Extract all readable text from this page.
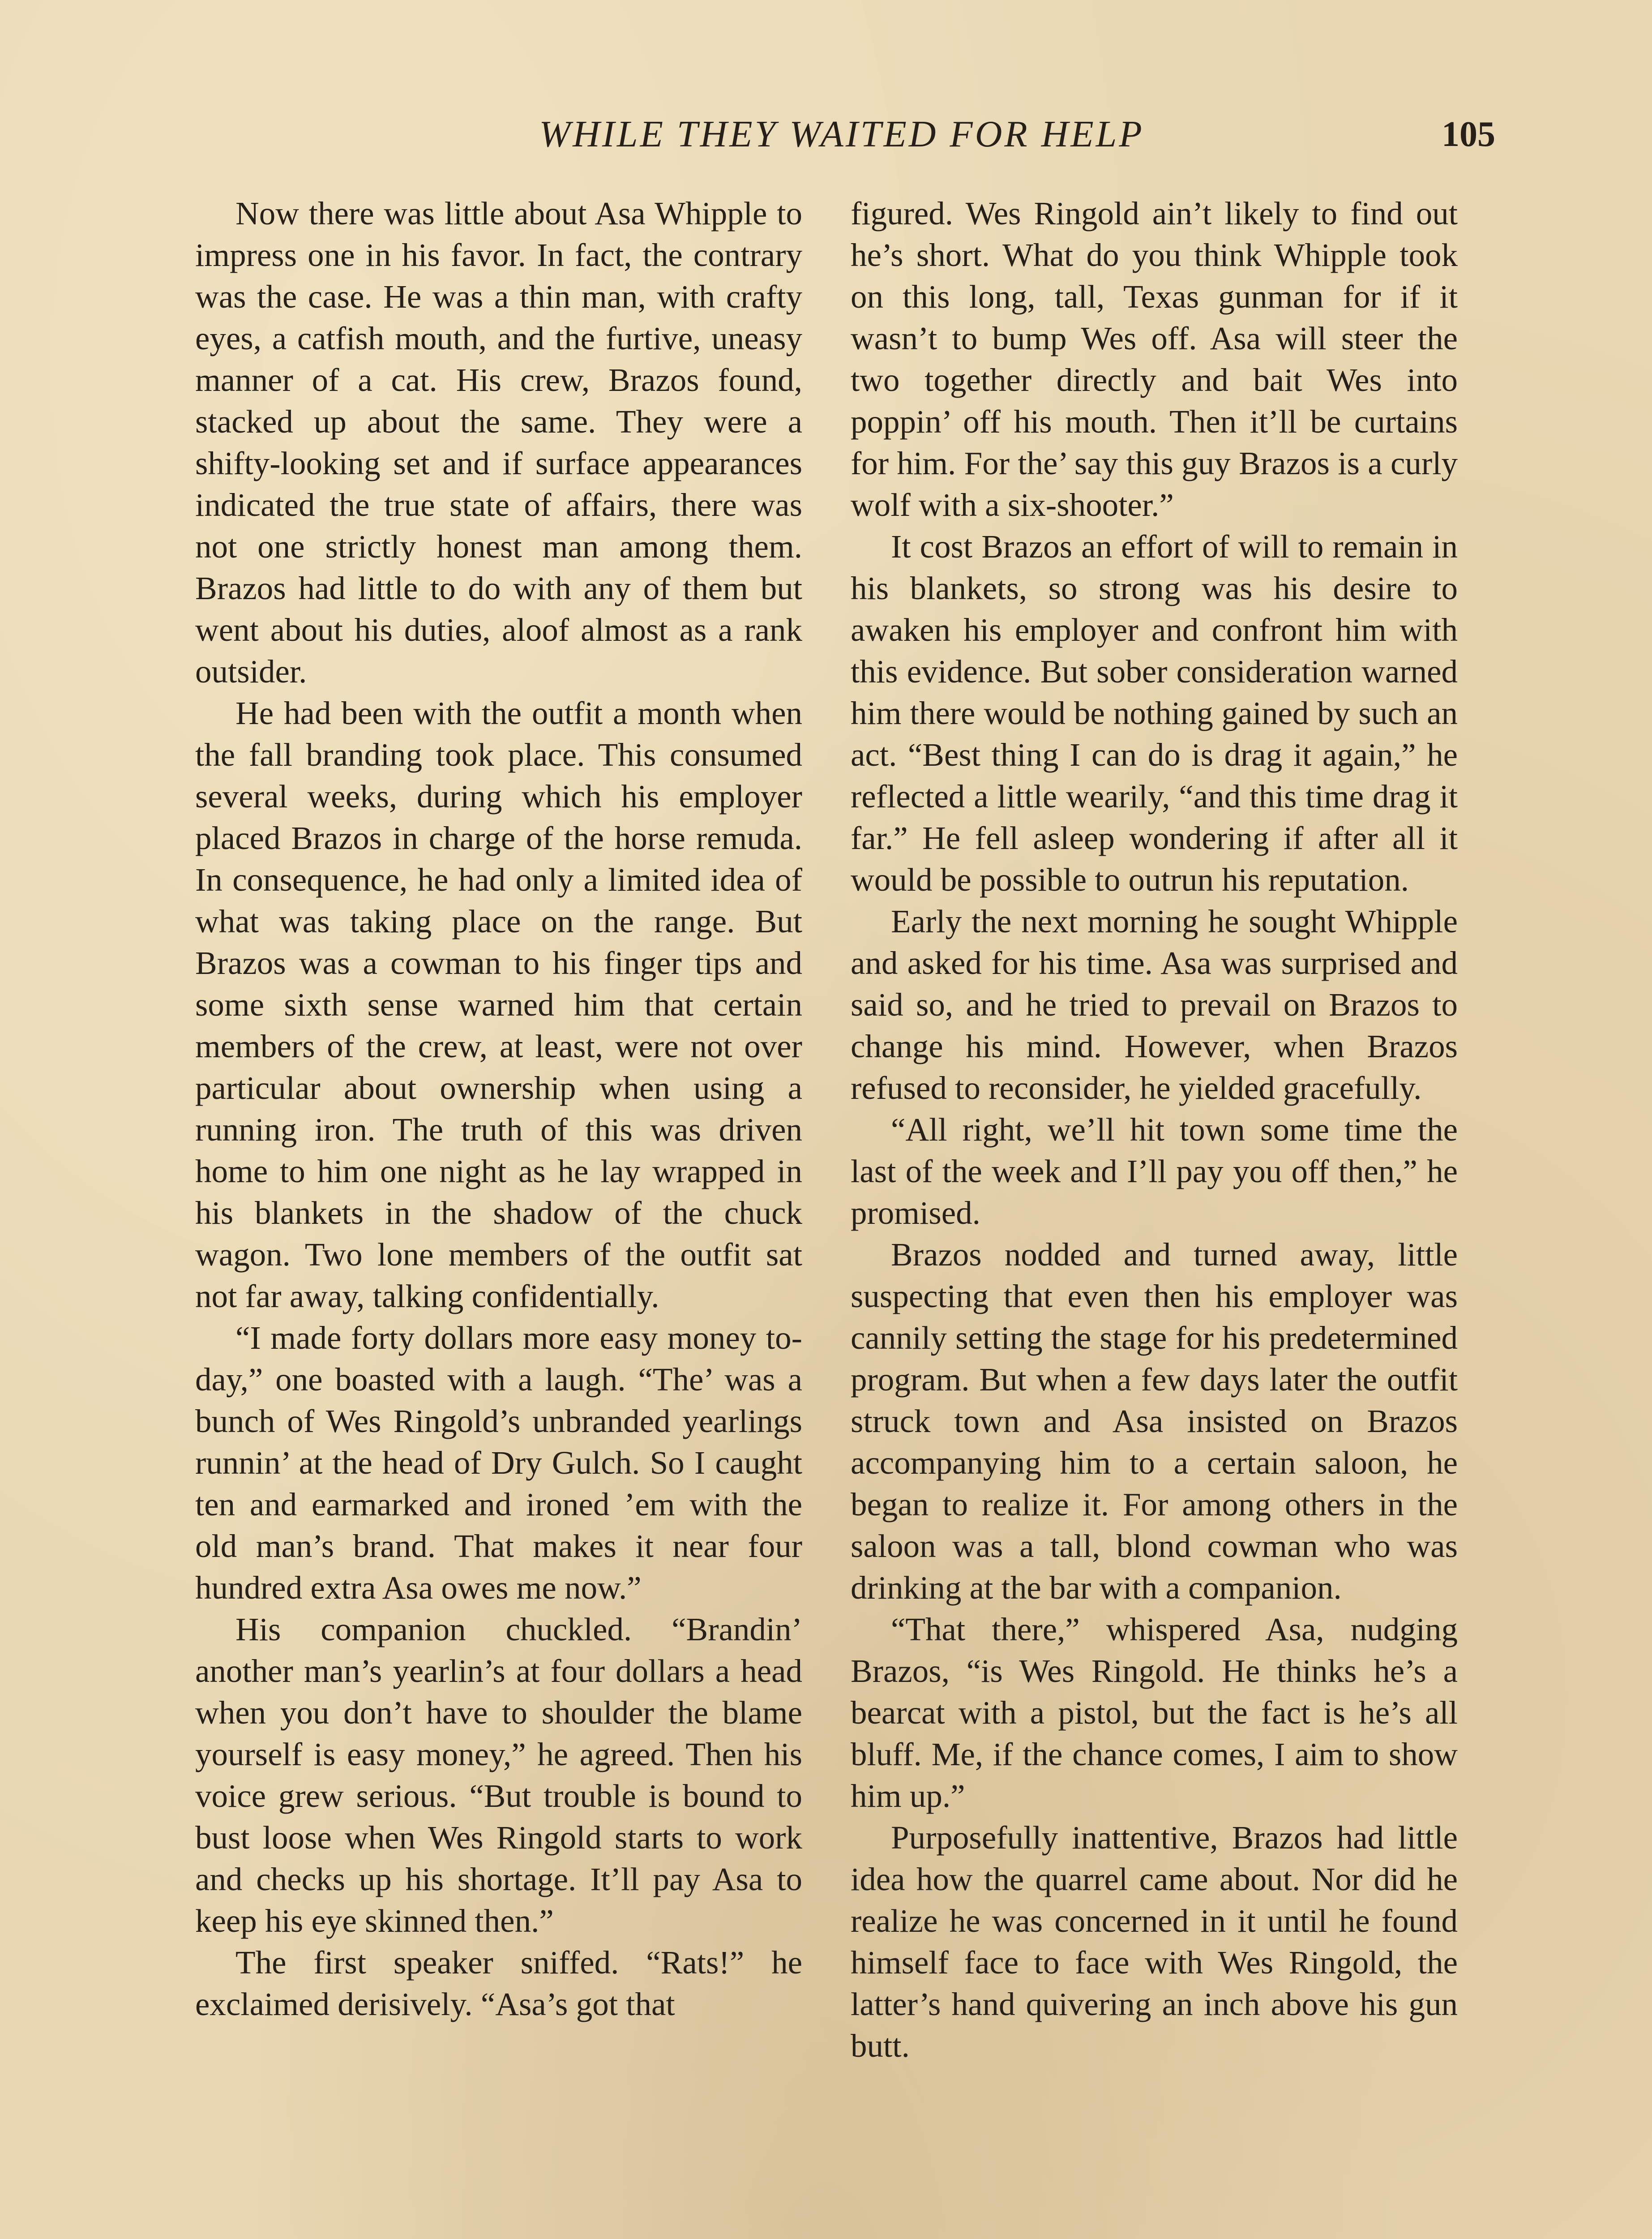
WHILE THEY WAITED FOR HELP	105

Now there was little about Asa Whipple to impress one in his favor. In fact, the contrary was the case. He was a thin man, with crafty eyes, a catfish mouth, and the furtive, uneasy manner of a cat. His crew, Brazos found, stacked up about the same. They were a shifty-looking set and if surface appearances indicated the true state of affairs, there was not one strictly honest man among them. Brazos had little to do with any of them but went about his duties, aloof almost as a rank outsider.

He had been with the outfit a month when the fall branding took place. This consumed several weeks, during which his employer placed Brazos in charge of the horse remuda. In consequence, he had only a limited idea of what was taking place on the range. But Brazos was a cowman to his finger tips and some sixth sense warned him that certain members of the crew, at least, were not over particular about ownership when using a running iron. The truth of this was driven home to him one night as he lay wrapped in his blankets in the shadow of the chuck wagon. Two lone members of the outfit sat not far away, talking confidentially.

“I made forty dollars more easy money to-day,” one boasted with a laugh. “The’ was a bunch of Wes Ringold’s unbranded yearlings runnin’ at the head of Dry Gulch. So I caught ten and earmarked and ironed ’em with the old man’s brand. That makes it near four hundred extra Asa owes me now.”

His companion chuckled. “Brandin’ another man’s yearlin’s at four dollars a head when you don’t have to shoulder the blame yourself is easy money,” he agreed. Then his voice grew serious. “But trouble is bound to bust loose when Wes Ringold starts to work and checks up his shortage. It’ll pay Asa to keep his eye skinned then.”

The first speaker sniffed. “Rats!” he exclaimed derisively. “Asa’s got that

figured. Wes Ringold ain’t likely to find out he’s short. What do you think Whipple took on this long, tall, Texas gunman for if it wasn’t to bump Wes off. Asa will steer the two together directly and bait Wes into poppin’ off his mouth. Then it’ll be curtains for him. For the’ say this guy Brazos is a curly wolf with a six-shooter.”

It cost Brazos an effort of will to remain in his blankets, so strong was his desire to awaken his employer and confront him with this evidence. But sober consideration warned him there would be nothing gained by such an act. “Best thing I can do is drag it again,” he reflected a little wearily, “and this time drag it far.” He fell asleep wondering if after all it would be possible to outrun his reputation.

Early the next morning he sought Whipple and asked for his time. Asa was surprised and said so, and he tried to prevail on Brazos to change his mind. However, when Brazos refused to reconsider, he yielded gracefully.

“All right, we’ll hit town some time the last of the week and I’ll pay you off then,” he promised.

Brazos nodded and turned away, little suspecting that even then his employer was cannily setting the stage for his predetermined program. But when a few days later the outfit struck town and Asa insisted on Brazos accompanying him to a certain saloon, he began to realize it. For among others in the saloon was a tall, blond cowman who was drinking at the bar with a companion.

“That there,” whispered Asa, nudging Brazos, “is Wes Ringold. He thinks he’s a bearcat with a pistol, but the fact is he’s all bluff. Me, if the chance comes, I aim to show him up.”

Purposefully inattentive, Brazos had little idea how the quarrel came about. Nor did he realize he was concerned in it until he found himself face to face with Wes Ringold, the latter’s hand quivering an inch above his gun butt.
